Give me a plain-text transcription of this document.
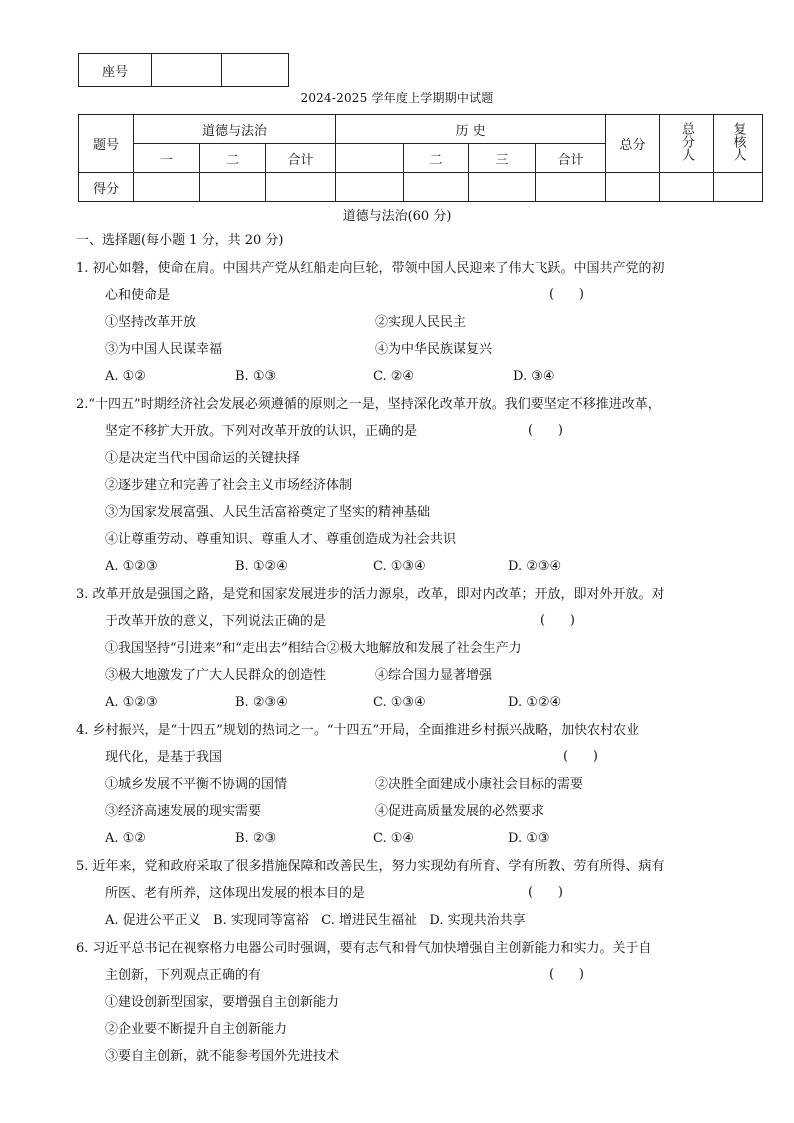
座号		
2024-2025 学年度上学期期中试题
题号	道德与法治			历 史				总分	总分人	复核人
	一	二	合计		二	三	合计			
得分										
道德与法治(60 分)
一、选择题(每小题 1 分，共 20 分)
1. 初心如磐，使命在肩。中国共产党从红船走向巨轮，带领中国人民迎来了伟大飞跃。中国共产党的初
心和使命是	(      )
①坚持改革开放	②实现人民民主
③为中国人民谋幸福	④为中华民族谋复兴
A. ①②	B. ①③	C. ②④	D. ③④
2.“十四五”时期经济社会发展必须遵循的原则之一是，坚持深化改革开放。我们要坚定不移推进改革，
坚定不移扩大开放。下列对改革开放的认识，正确的是	(      )
①是决定当代中国命运的关键抉择
②逐步建立和完善了社会主义市场经济体制
③为国家发展富强、人民生活富裕奠定了坚实的精神基础
④让尊重劳动、尊重知识、尊重人才、尊重创造成为社会共识
A. ①②③	B. ①②④	C. ①③④	D. ②③④
3. 改革开放是强国之路，是党和国家发展进步的活力源泉，改革，即对内改革；开放，即对外开放。对
于改革开放的意义，下列说法正确的是	(      )
①我国坚持“引进来”和“走出去”相结合②极大地解放和发展了社会生产力
③极大地激发了广大人民群众的创造性	④综合国力显著增强
A. ①②③	B. ②③④	C. ①③④	D. ①②④
4. 乡村振兴，是“十四五”规划的热词之一。“十四五”开局，全面推进乡村振兴战略，加快农村农业
现代化，是基于我国	(      )
①城乡发展不平衡不协调的国情	②决胜全面建成小康社会目标的需要
③经济高速发展的现实需要	④促进高质量发展的必然要求
A. ①②	B. ②③	C. ①④	D. ①③
5. 近年来，党和政府采取了很多措施保障和改善民生，努力实现幼有所育、学有所教、劳有所得、病有
所医、老有所养，这体现出发展的根本目的是	(      )
A. 促进公平正义   B. 实现同等富裕   C. 增进民生福祉   D. 实现共治共享
6. 习近平总书记在视察格力电器公司时强调，要有志气和骨气加快增强自主创新能力和实力。关于自
主创新，下列观点正确的有	(      )
①建设创新型国家，要增强自主创新能力
②企业要不断提升自主创新能力
③要自主创新，就不能参考国外先进技术
